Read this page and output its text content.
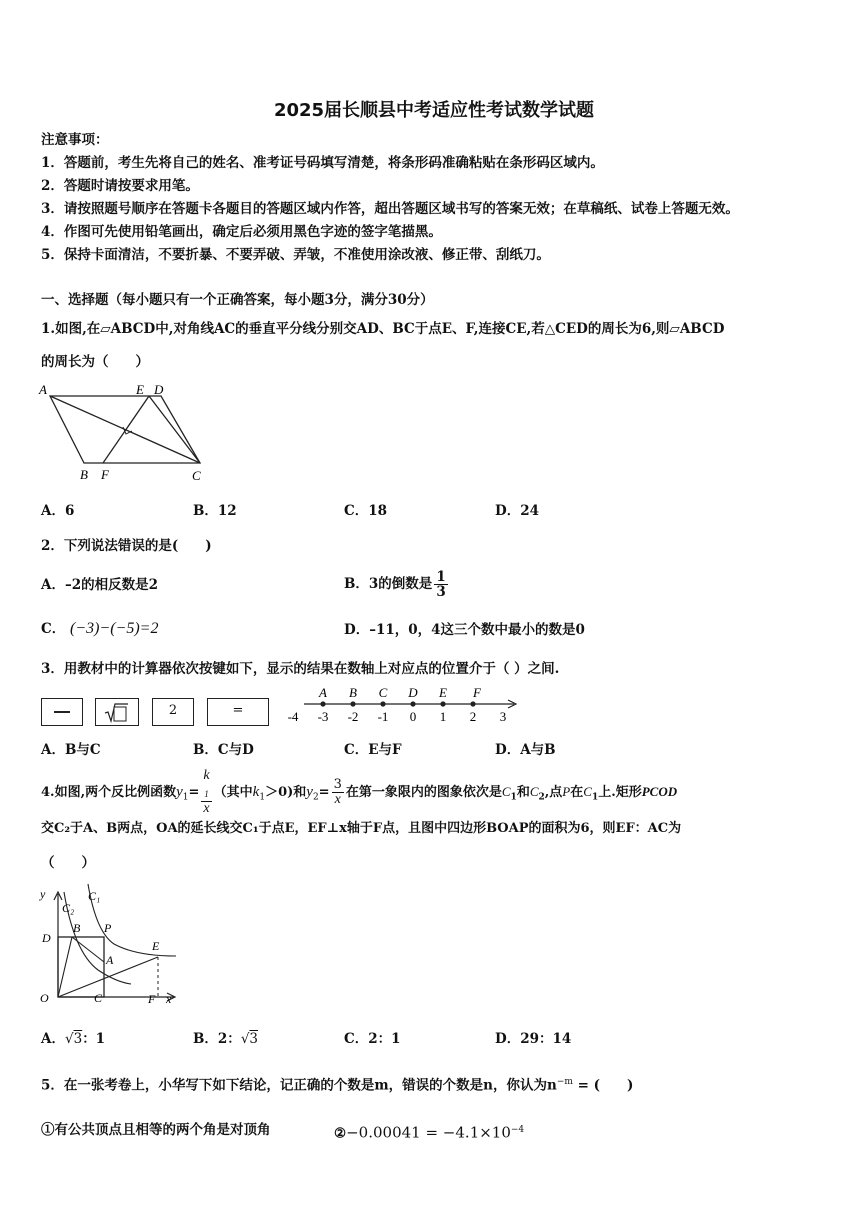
2025届长顺县中考适应性考试数学试题
注意事项：
1．答题前，考生先将自己的姓名、准考证号码填写清楚，将条形码准确粘贴在条形码区域内。
2．答题时请按要求用笔。
3．请按照题号顺序在答题卡各题目的答题区域内作答，超出答题区域书写的答案无效；在草稿纸、试卷上答题无效。
4．作图可先使用铅笔画出，确定后必须用黑色字迹的签字笔描黑。
5．保持卡面清洁，不要折暴、不要弄破、弄皱，不准使用涂改液、修正带、刮纸刀。
一、选择题（每小题只有一个正确答案，每小题3分，满分30分）
1.如图,在▱ABCD中,对角线AC的垂直平分线分别交AD、BC于点E、F,连接CE,若△CED的周长为6,则▱ABCD
的周长为（　　）
A	E D
B F	C
A．6	B．12	C．18	D．24
2．下列说法错误的是(　　)
A．–2的相反数是2	B．3的倒数是 $\frac{1}{3}$
C． (−3)−(−5)=2	D．–11，0，4这三个数中最小的数是0
3．用教材中的计算器依次按键如下，显示的结果在数轴上对应点的位置介于（ ）之间.
2	=	-4 -3 -2 -1 0 1 2 3
A B C D E F
A．B与C	B．C与D	C．E与F	D．A与B
4.如图,两个反比例函数$y_1= k$
$_1$
x （其中$k_1>0$)和$y_2= \frac{3}{x}$ 在第一象限内的图象依次是$C_1$和$C_2$,点P在$C_1$上.矩形PCOD
交C₂于A、B两点，OA的延长线交C₁于点E，EF⊥x轴于F点，且图中四边形BOAP的面积为6，则EF：AC为
（　　）
y
C₂
C₁
B P
D
E
A
O	C	F x
A．√3：1	B．2：√3	C．2：1	D．29：14
5．在一张考卷上，小华写下如下结论，记正确的个数是m，错误的个数是n，你认为$n^{-m}$ = (　　)
①有公共顶点且相等的两个角是对顶角	②−0.00041 = $-4.1\times 10^{-4}$
